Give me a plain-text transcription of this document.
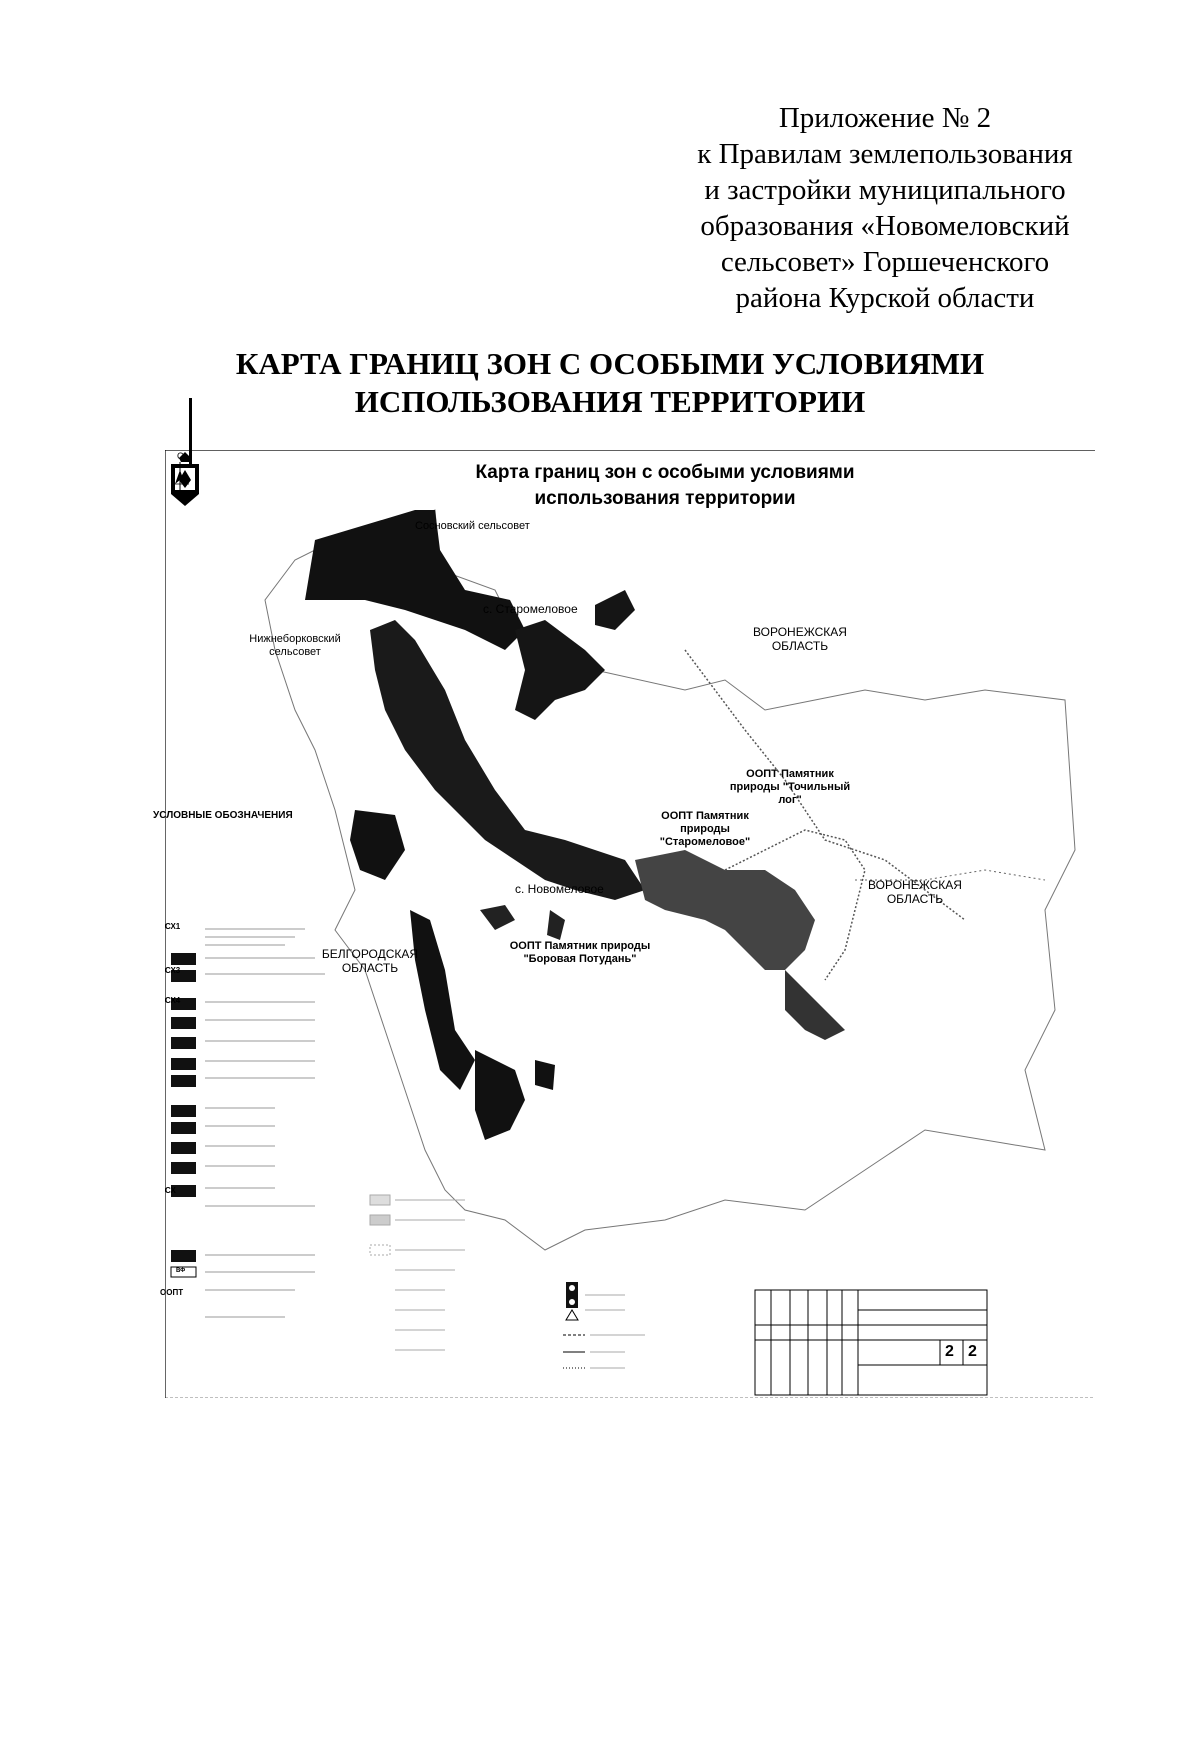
Приложение № 2
к Правилам землепользования
и застройки муниципального
образования «Новомеловский
сельсовет» Горшеченского
района Курской области
КАРТА ГРАНИЦ ЗОН С ОСОБЫМИ УСЛОВИЯМИ
ИСПОЛЬЗОВАНИЯ ТЕРРИТОРИИ
Карта границ зон с особыми условиями
использования территории
С
Сосновский сельсовет
с. Старомеловое
Нижнеборковский сельсовет
ВОРОНЕЖСКАЯ ОБЛАСТЬ
ООПТ Памятник природы "Точильный лог"
ООПТ Памятник природы "Старомеловое"
ВОРОНЕЖСКАЯ ОБЛАСТЬ
с. Новомеловое
БЕЛГОРОДСКАЯ ОБЛАСТЬ
ООПТ Памятник природы "Боровая Потудань"
УСЛОВНЫЕ ОБОЗНАЧЕНИЯ
СХ1
СХ3
СХ4
СХ
ВФ
ООПТ
2 2
